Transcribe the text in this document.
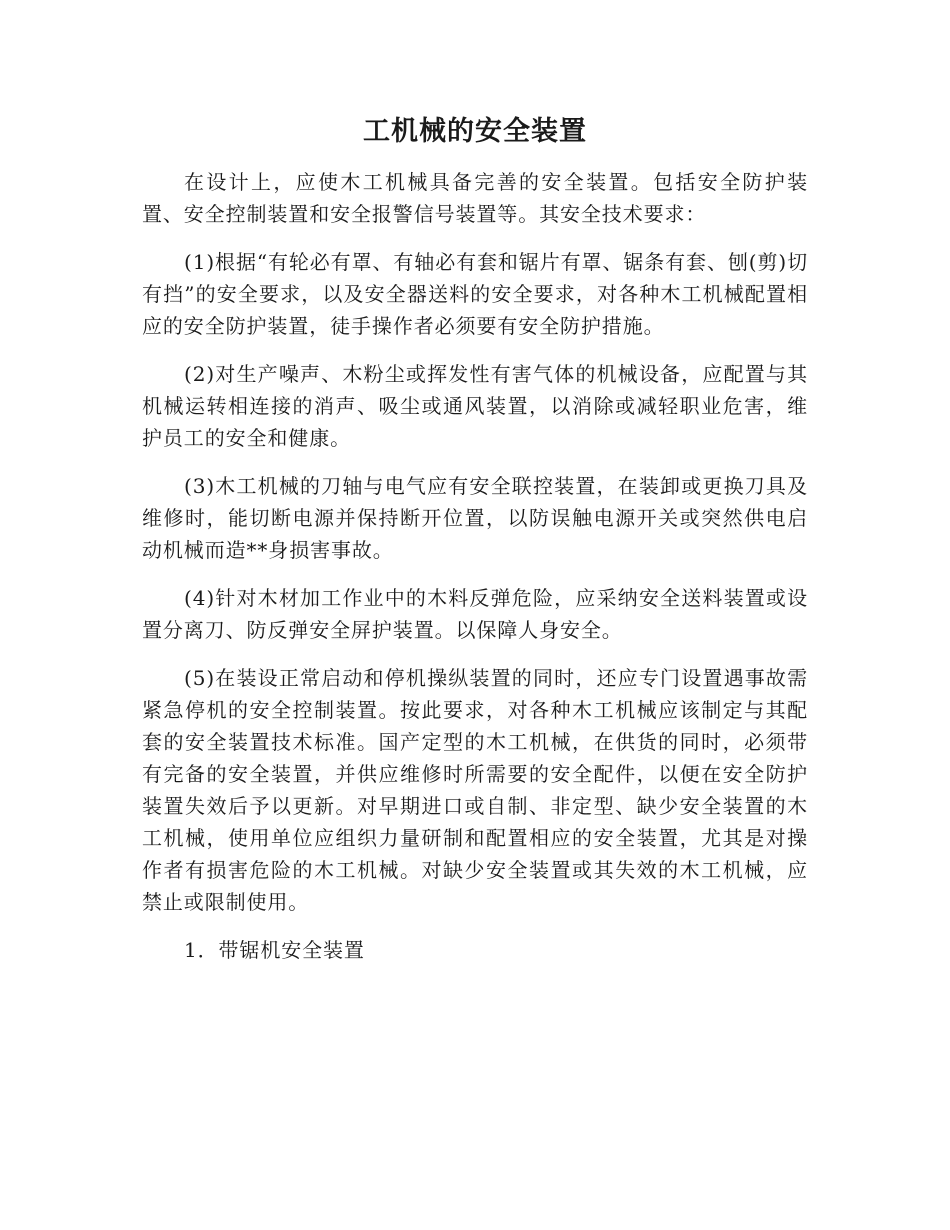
工机械的安全装置

在设计上，应使木工机械具备完善的安全装置。包括安全防护装置、安全控制装置和安全报警信号装置等。其安全技术要求：

(1)根据“有轮必有罩、有轴必有套和锯片有罩、锯条有套、刨(剪)切有挡”的安全要求，以及安全器送料的安全要求，对各种木工机械配置相应的安全防护装置，徒手操作者必须要有安全防护措施。

(2)对生产噪声、木粉尘或挥发性有害气体的机械设备，应配置与其机械运转相连接的消声、吸尘或通风装置，以消除或减轻职业危害，维护员工的安全和健康。

(3)木工机械的刀轴与电气应有安全联控装置，在装卸或更换刀具及维修时，能切断电源并保持断开位置，以防误触电源开关或突然供电启动机械而造**身损害事故。

(4)针对木材加工作业中的木料反弹危险，应采纳安全送料装置或设置分离刀、防反弹安全屏护装置。以保障人身安全。

(5)在装设正常启动和停机操纵装置的同时，还应专门设置遇事故需紧急停机的安全控制装置。按此要求，对各种木工机械应该制定与其配套的安全装置技术标准。国产定型的木工机械，在供货的同时，必须带有完备的安全装置，并供应维修时所需要的安全配件，以便在安全防护装置失效后予以更新。对早期进口或自制、非定型、缺少安全装置的木工机械，使用单位应组织力量研制和配置相应的安全装置，尤其是对操作者有损害危险的木工机械。对缺少安全装置或其失效的木工机械，应禁止或限制使用。

1．带锯机安全装置
